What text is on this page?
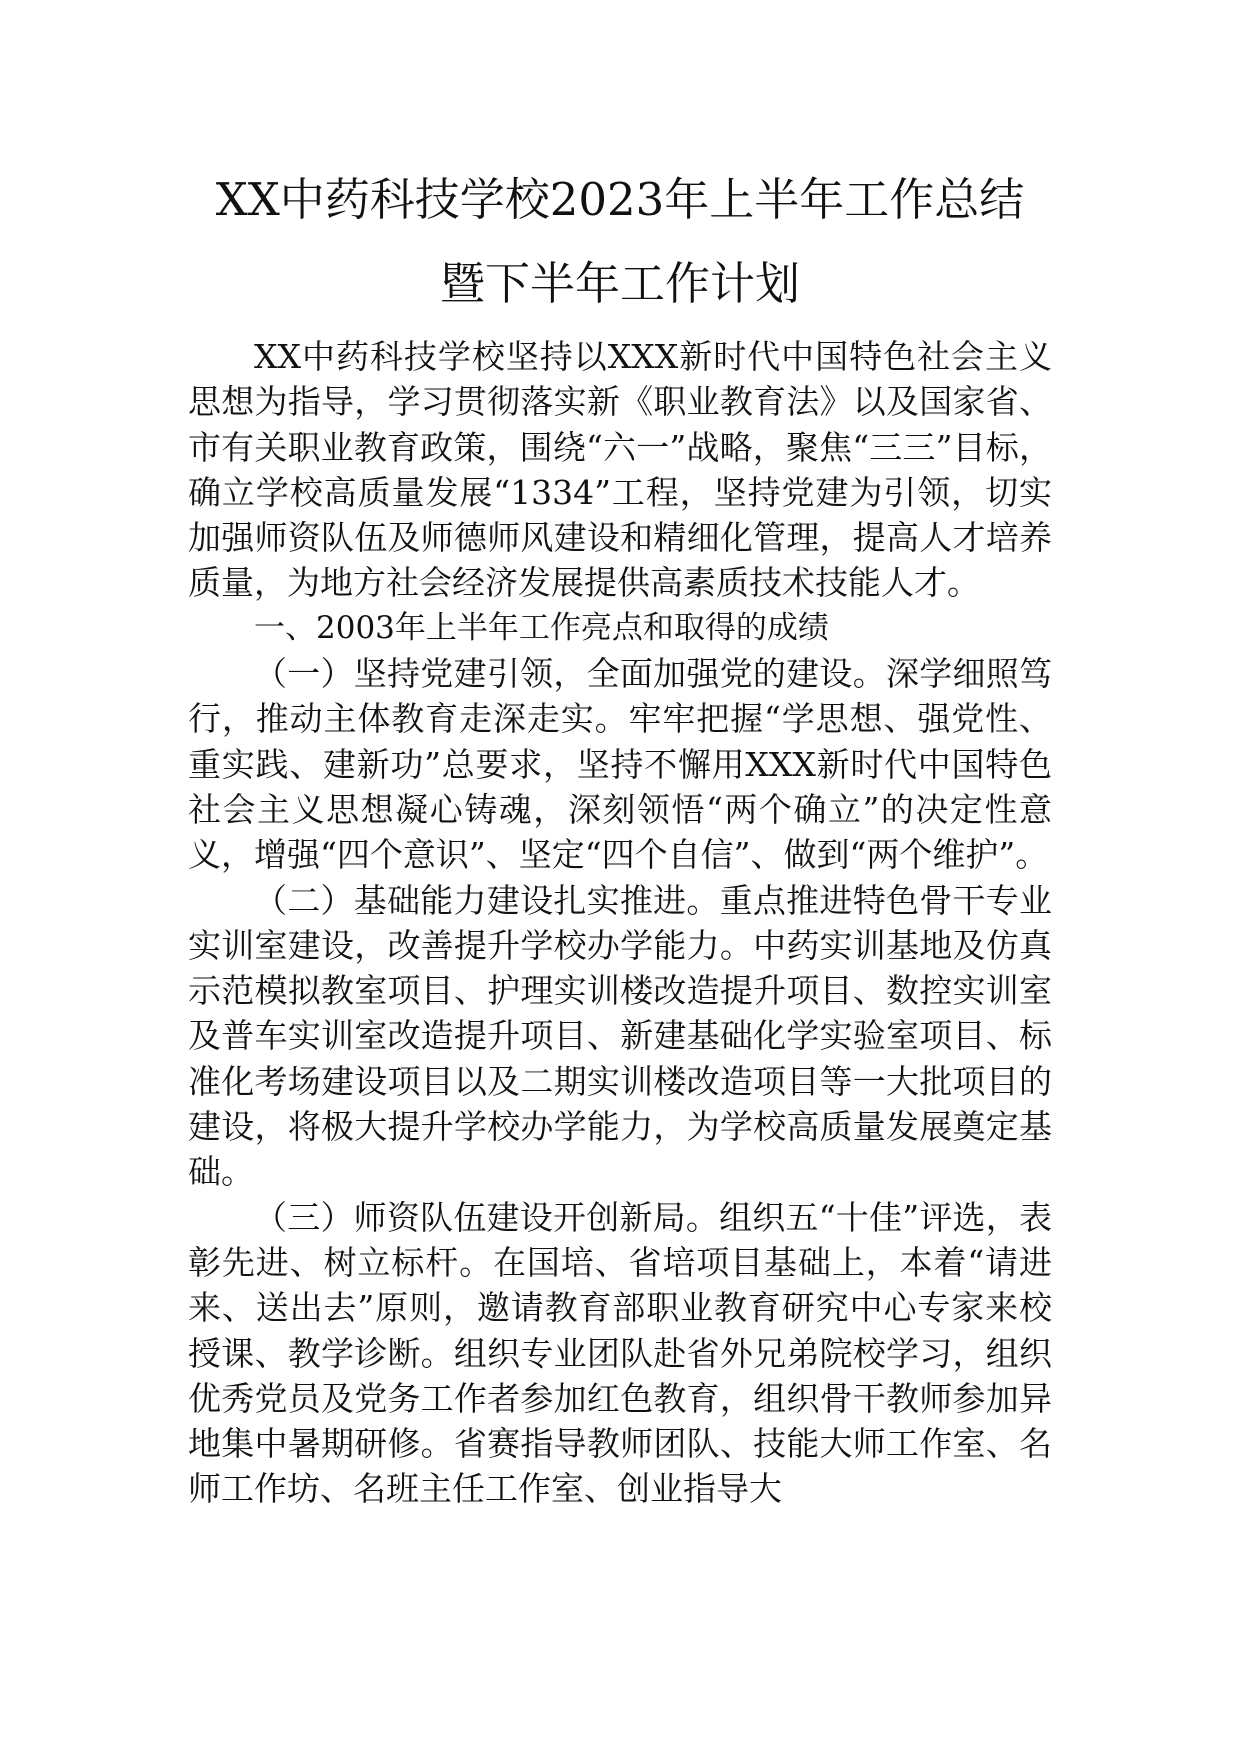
XX中药科技学校2023年上半年工作总结
暨下半年工作计划

XX中药科技学校坚持以XXX新时代中国特色社会主义思想为指导，学习贯彻落实新《职业教育法》以及国家省、市有关职业教育政策，围绕“六一”战略，聚焦“三三”目标，确立学校高质量发展“1334”工程，坚持党建为引领，切实加强师资队伍及师德师风建设和精细化管理，提高人才培养质量，为地方社会经济发展提供高素质技术技能人才。

一、2003年上半年工作亮点和取得的成绩

（一）坚持党建引领，全面加强党的建设。深学细照笃行，推动主体教育走深走实。牢牢把握“学思想、强党性、重实践、建新功”总要求，坚持不懈用XXX新时代中国特色社会主义思想凝心铸魂，深刻领悟“两个确立”的决定性意义，增强“四个意识”、坚定“四个自信”、做到“两个维护”。

（二）基础能力建设扎实推进。重点推进特色骨干专业实训室建设，改善提升学校办学能力。中药实训基地及仿真示范模拟教室项目、护理实训楼改造提升项目、数控实训室及普车实训室改造提升项目、新建基础化学实验室项目、标准化考场建设项目以及二期实训楼改造项目等一大批项目的建设，将极大提升学校办学能力，为学校高质量发展奠定基础。

（三）师资队伍建设开创新局。组织五“十佳”评选，表彰先进、树立标杆。在国培、省培项目基础上，本着“请进来、送出去”原则，邀请教育部职业教育研究中心专家来校授课、教学诊断。组织专业团队赴省外兄弟院校学习，组织优秀党员及党务工作者参加红色教育，组织骨干教师参加异地集中暑期研修。省赛指导教师团队、技能大师工作室、名师工作坊、名班主任工作室、创业指导大
